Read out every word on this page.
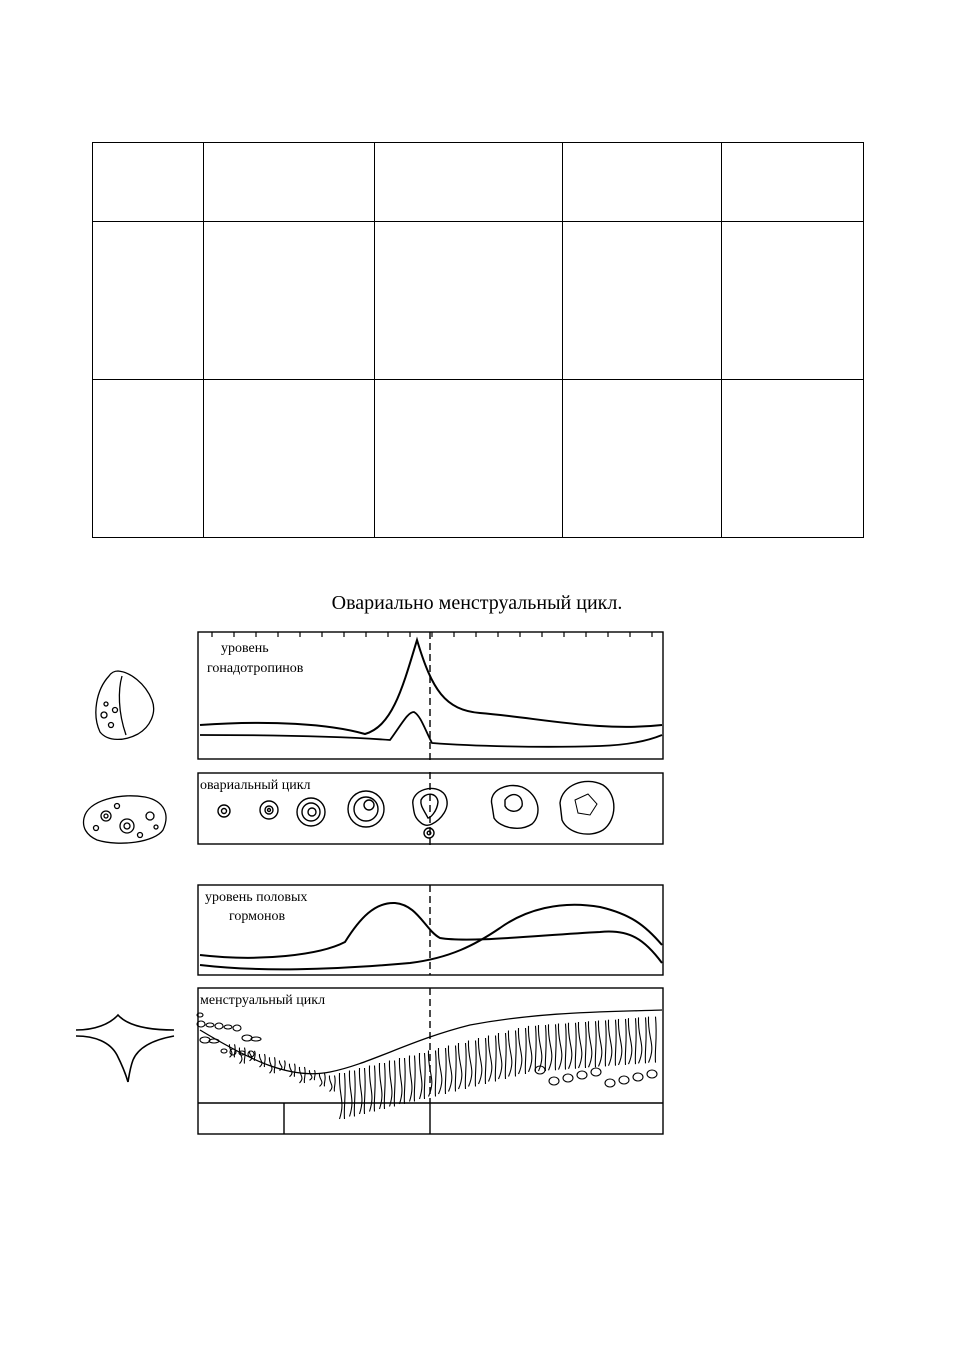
Овариально менструальный цикл.
уровень
гонадотропинов
овариальный цикл
уровень половых
гормонов
менструальный цикл
